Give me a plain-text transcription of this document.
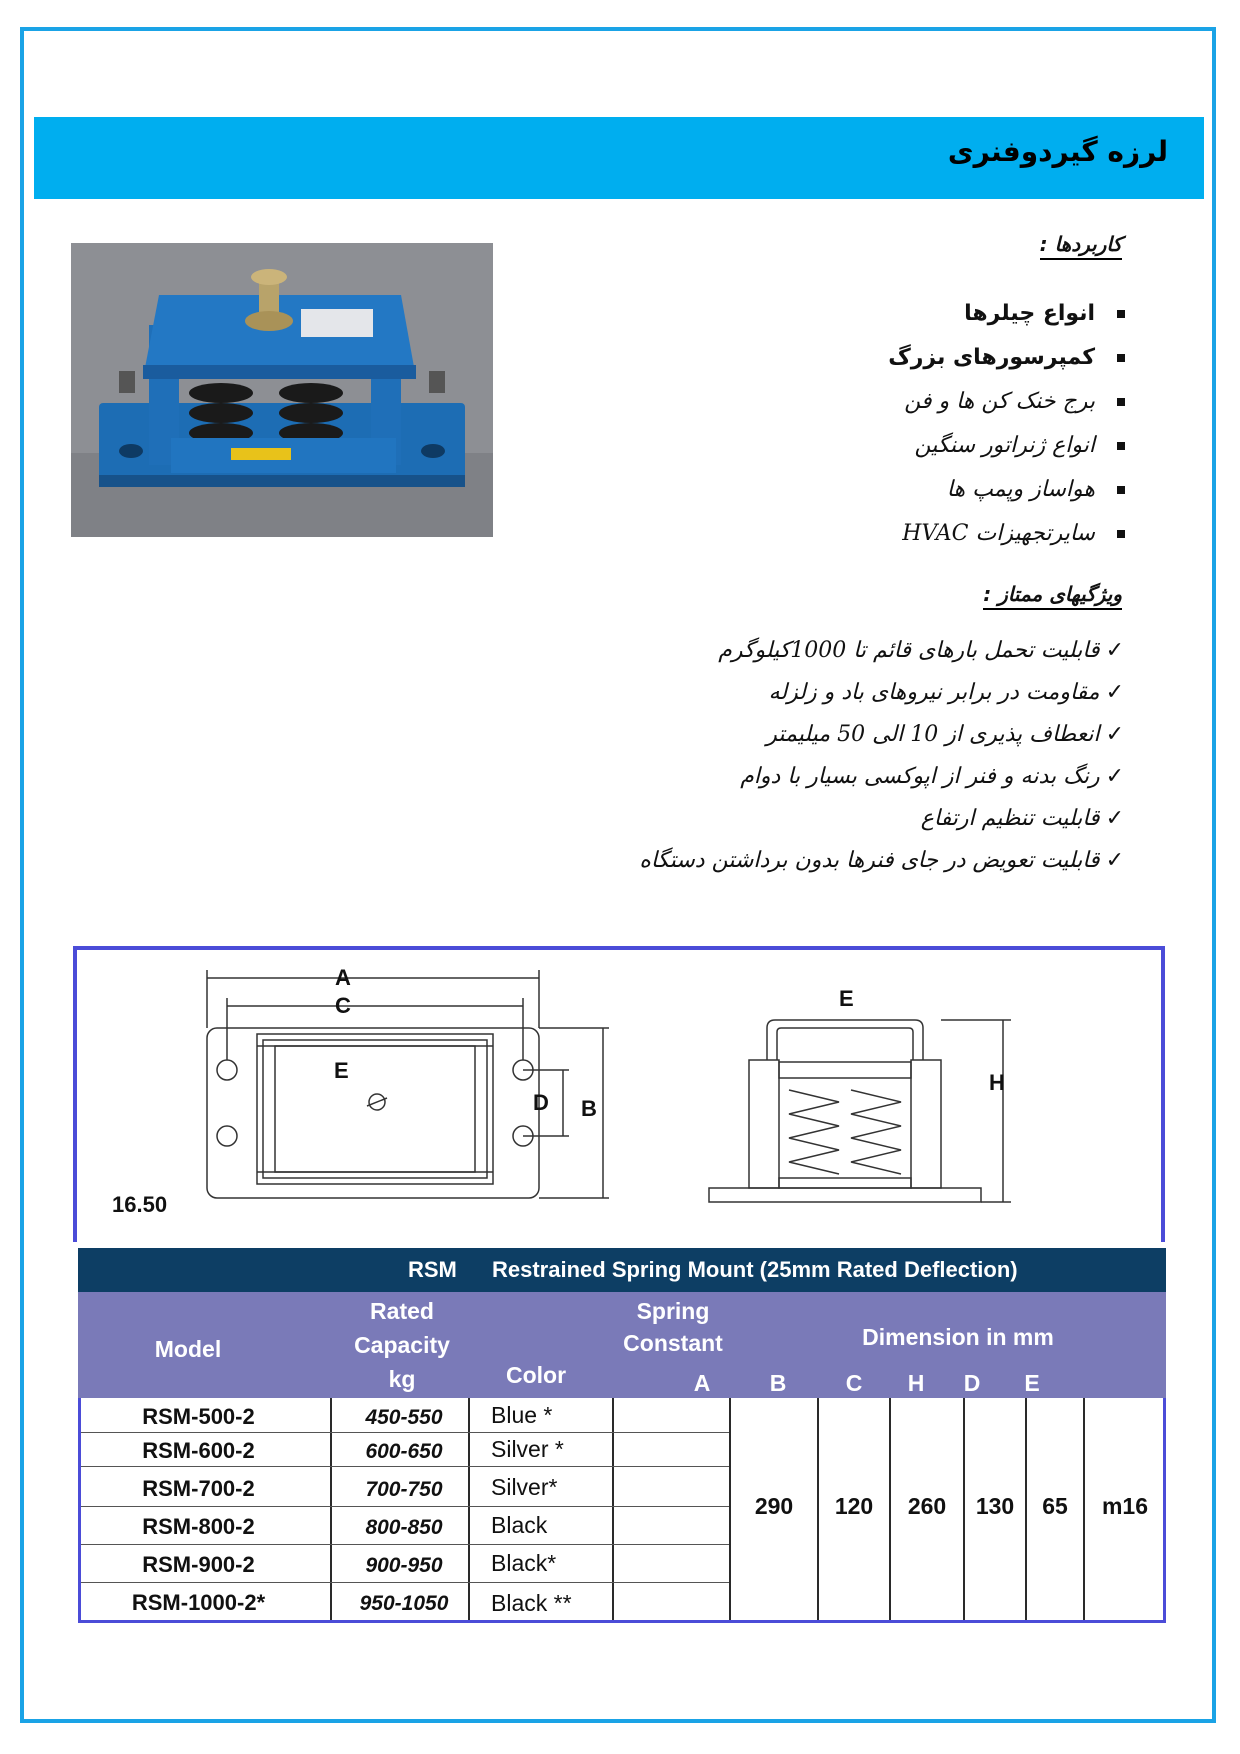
لرزه گیردوفنری
کاربردها :
انواع چیلرها
کمپرسورهای بزرگ
برج خنک کن ها و فن
انواع ژنراتور سنگین
هواساز وپمپ ها
سایرتجهیزات HVAC
ویژگیهای ممتاز :
✓قابلیت تحمل بارهای قائم تا 1000کیلوگرم
✓مقاومت در برابر نیروهای باد و زلزله
✓انعطاف پذیری از 10 الی 50 میلیمتر
✓رنگ بدنه و فنر از اپوکسی بسیار با دوام
✓قابلیت تنظیم ارتفاع
✓قابلیت تعویض در جای فنرها بدون برداشتن دستگاه
A
C
E
D B
16.50
E
H
RSM Restrained Spring Mount (25mm Rated Deflection)
Model
Rated
Capacity
kg	Color
Spring
Constant	Dimension in mm
A	B	C	H	D	E
RSM-500-2	450-550	Blue *
RSM-600-2	600-650	Silver *
RSM-700-2	700-750	Silver*
RSM-800-2	800-850	Black
RSM-900-2	900-950	Black*
RSM-1000-2*	950-1050	Black **
290	120	260	130	65	m16
